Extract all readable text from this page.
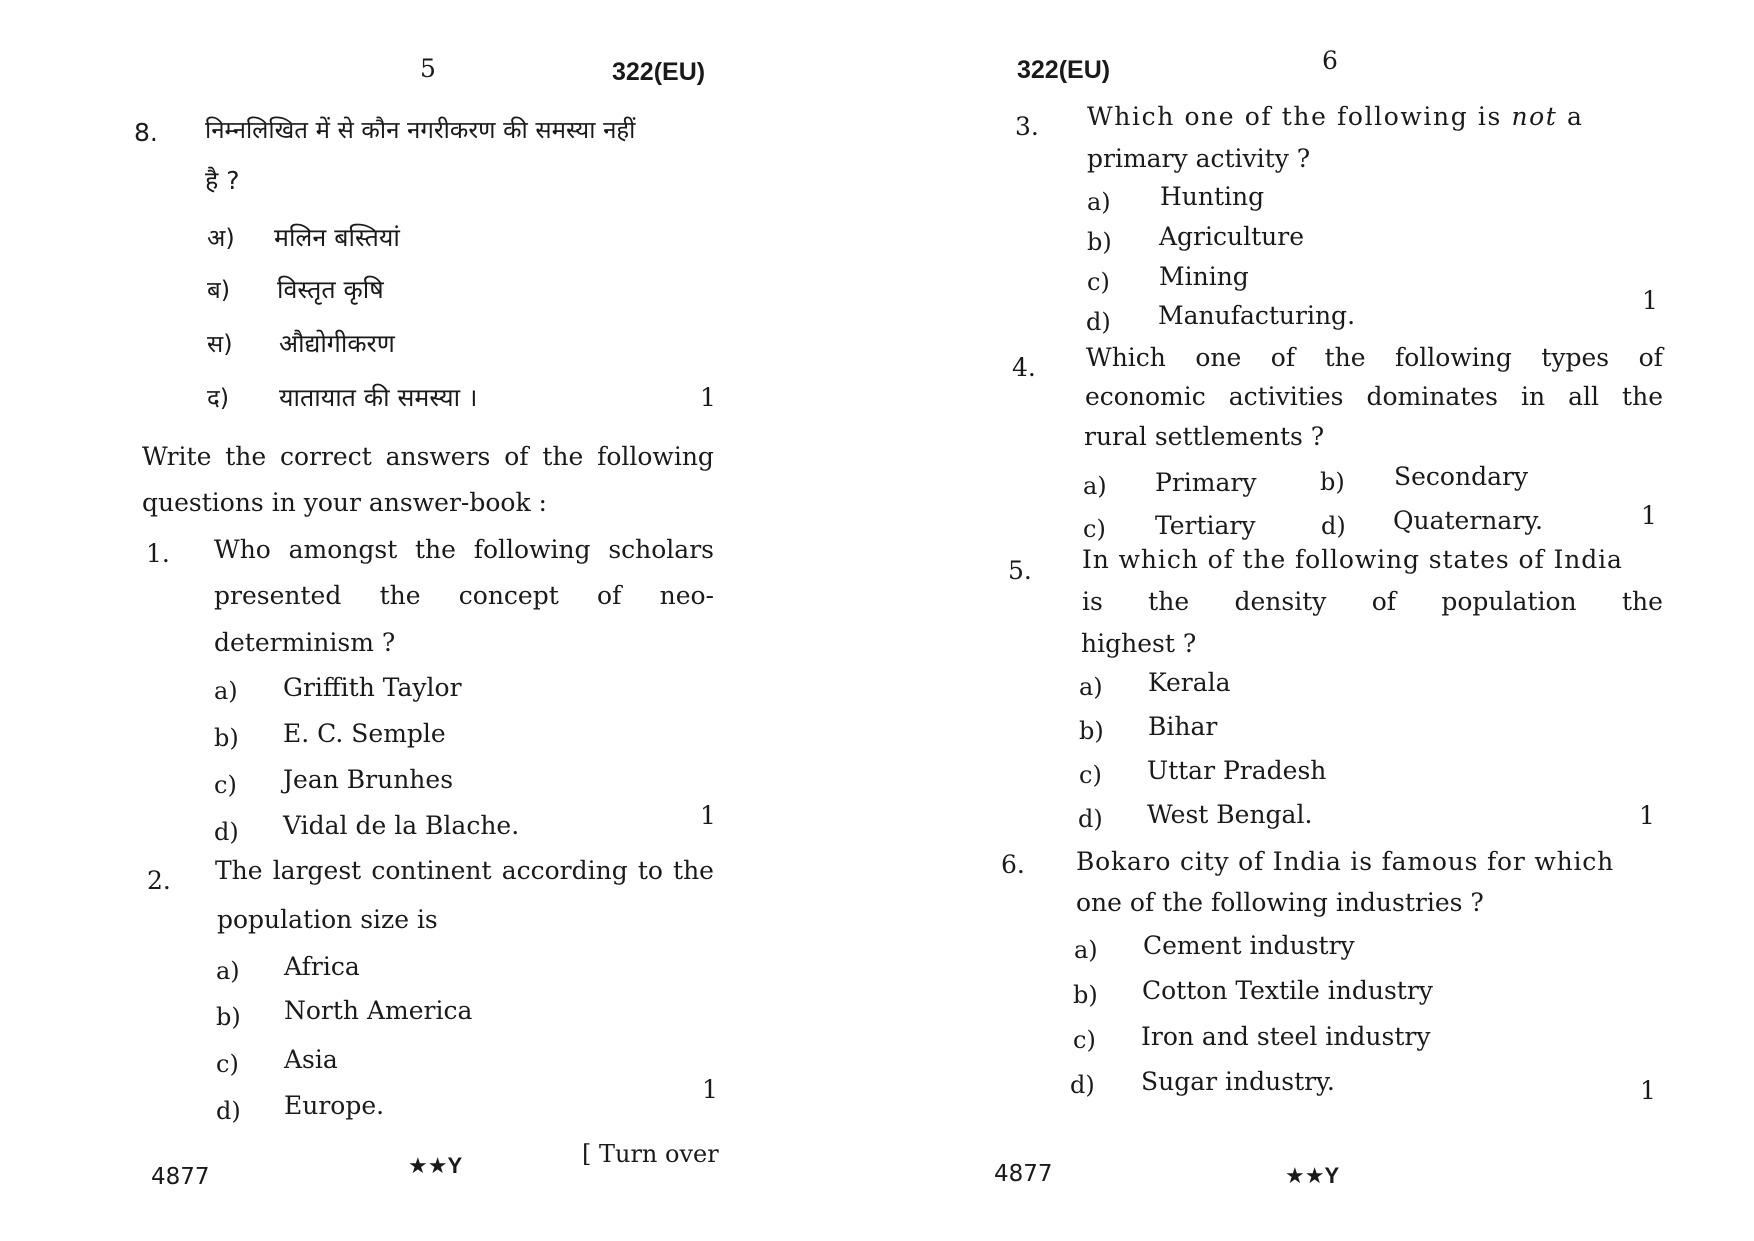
5	322(EU)
8. निम्नलिखित में से कौन नगरीकरण की समस्या नहीं
है ?
अ) मलिन बस्तियां
ब) विस्तृत कृषि
स) औद्योगीकरण
द) यातायात की समस्या ।	1
Write the correct answers of the following
questions in your answer-book :
1. Who amongst the following scholars
presented the concept of neo-
determinism ?
a) Griffith Taylor
b) E. C. Semple
c) Jean Brunhes
d) Vidal de la Blache.	1
2. The largest continent according to the
population size is
a) Africa
b) North America
c) Asia
d) Europe.
1
4877	★★Y	[ Turn over
322(EU)	6
3. Which one of the following is not a
primary activity ?
a) Hunting
b) Agriculture
c) Mining
d) Manufacturing.
1
4. Which one of the following types of
economic activities dominates in all the
rural settlements ?
a) Primary	b) Secondary
c) Tertiary	d) Quaternary.	1
5. In which of the following states of India
is the density of population the
highest ?
a) Kerala
b) Bihar
c) Uttar Pradesh
d) West Bengal.	1
6. Bokaro city of India is famous for which
one of the following industries ?
a) Cement industry
b) Cotton Textile industry
c) Iron and steel industry
d) Sugar industry.	1
4877	★★Y
